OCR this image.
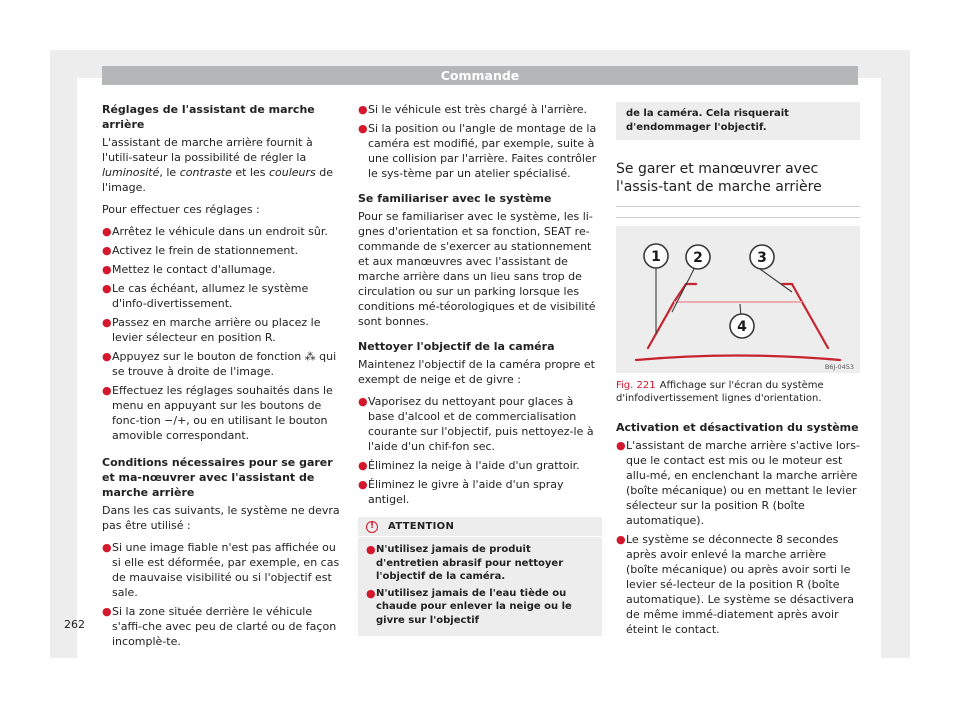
Commande
Réglages de l'assistant de marche arrière

L'assistant de marche arrière fournit à l'utili-sateur la possibilité de régler la luminosité, le contraste et les couleurs de l'image.

Pour effectuer ces réglages :

● Arrêtez le véhicule dans un endroit sûr.
● Activez le frein de stationnement.
● Mettez le contact d'allumage.
● Le cas échéant, allumez le système d'info-divertissement.
● Passez en marche arrière ou placez le levier sélecteur en position R.
● Appuyez sur le bouton de fonction ⁂ qui se trouve à droite de l'image.
● Effectuez les réglages souhaités dans le menu en appuyant sur les boutons de fonc-tion −/+, ou en utilisant le bouton amovible correspondant.
Conditions nécessaires pour se garer et ma-nœuvrer avec l'assistant de marche arrière

Dans les cas suivants, le système ne devra pas être utilisé :

● Si une image fiable n'est pas affichée ou si elle est déformée, par exemple, en cas de mauvaise visibilité ou si l'objectif est sale.
● Si la zone située derrière le véhicule s'affi-che avec peu de clarté ou de façon incomplè-te.
● Si le véhicule est très chargé à l'arrière.
● Si la position ou l'angle de montage de la caméra est modifié, par exemple, suite à une collision par l'arrière. Faites contrôler le sys-tème par un atelier spécialisé.
Se familiariser avec le système

Pour se familiariser avec le système, les li-gnes d'orientation et sa fonction, SEAT re-commande de s'exercer au stationnement et aux manœuvres avec l'assistant de marche arrière dans un lieu sans trop de circulation ou sur un parking lorsque les conditions mé-téorologiques et de visibilité sont bonnes.

Nettoyer l'objectif de la caméra

Maintenez l'objectif de la caméra propre et exempt de neige et de givre :

● Vaporisez du nettoyant pour glaces à base d'alcool et de commercialisation courante sur l'objectif, puis nettoyez-le à l'aide d'un chif-fon sec.
● Éliminez la neige à l'aide d'un grattoir.
● Éliminez le givre à l'aide d'un spray antigel.
!	ATTENTION
● N'utilisez jamais de produit d'entretien abrasif pour nettoyer l'objectif de la caméra.
● N'utilisez jamais de l'eau tiède ou chaude pour enlever la neige ou le givre sur l'objectif
de la caméra. Cela risquerait d'endommager l'objectif.
Se garer et manœuvrer avec l'assis-tant de marche arrière
1 2	3
4
B6J-0453
Fig. 221 Affichage sur l'écran du système d'infodivertissement lignes d'orientation.
Activation et désactivation du système
● L'assistant de marche arrière s'active lors-que le contact est mis ou le moteur est allu-mé, en enclenchant la marche arrière (boîte mécanique) ou en mettant le levier sélecteur sur la position R (boîte automatique).
● Le système se déconnecte 8 secondes après avoir enlevé la marche arrière (boîte mécanique) ou après avoir sorti le levier sé-lecteur de la position R (boîte automatique). Le système se désactivera de même immé-diatement après avoir éteint le contact.
262
